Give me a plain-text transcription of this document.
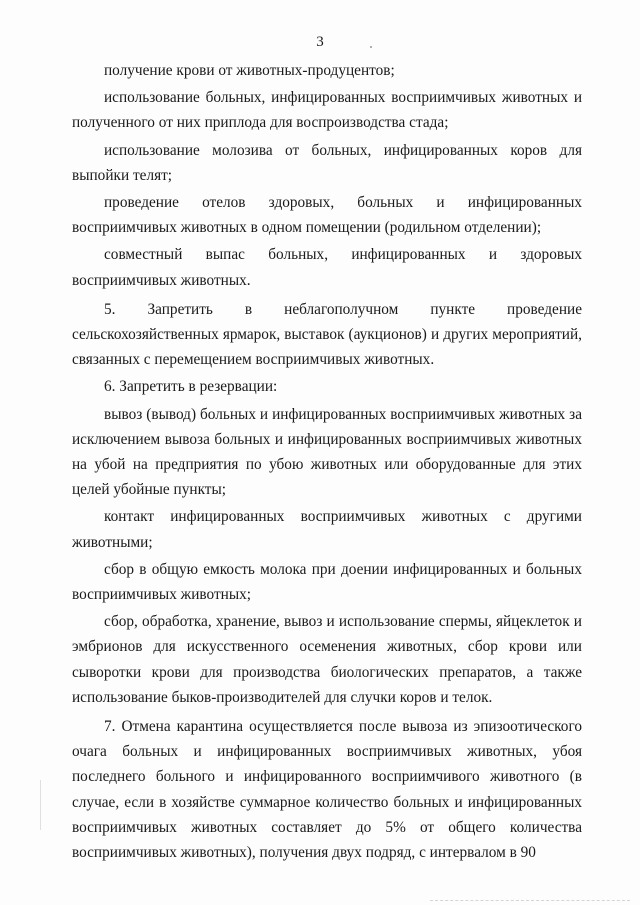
3

получение крови от животных-продуцентов;

использование больных, инфицированных восприимчивых животных и полученного от них приплода для воспроизводства стада;

использование молозива от больных, инфицированных коров для выпойки телят;

проведение отелов здоровых, больных и инфицированных восприимчивых животных в одном помещении (родильном отделении);

совместный выпас больных, инфицированных и здоровых восприимчивых животных.

5. Запретить в неблагополучном пункте проведение сельскохозяйственных ярмарок, выставок (аукционов) и других мероприятий, связанных с перемещением восприимчивых животных.

6. Запретить в резервации:

вывоз (вывод) больных и инфицированных восприимчивых животных за исключением вывоза больных и инфицированных восприимчивых животных на убой на предприятия по убою животных или оборудованные для этих целей убойные пункты;

контакт инфицированных восприимчивых животных с другими животными;

сбор в общую емкость молока при доении инфицированных и больных восприимчивых животных;

сбор, обработка, хранение, вывоз и использование спермы, яйцеклеток и эмбрионов для искусственного осеменения животных, сбор крови или сыворотки крови для производства биологических препаратов, а также использование быков-производителей для случки коров и телок.

7. Отмена карантина осуществляется после вывоза из эпизоотического очага больных и инфицированных восприимчивых животных, убоя последнего больного и инфицированного восприимчивого животного (в случае, если в хозяйстве суммарное количество больных и инфицированных восприимчивых животных составляет до 5% от общего количества восприимчивых животных), получения двух подряд, с интервалом в 90
